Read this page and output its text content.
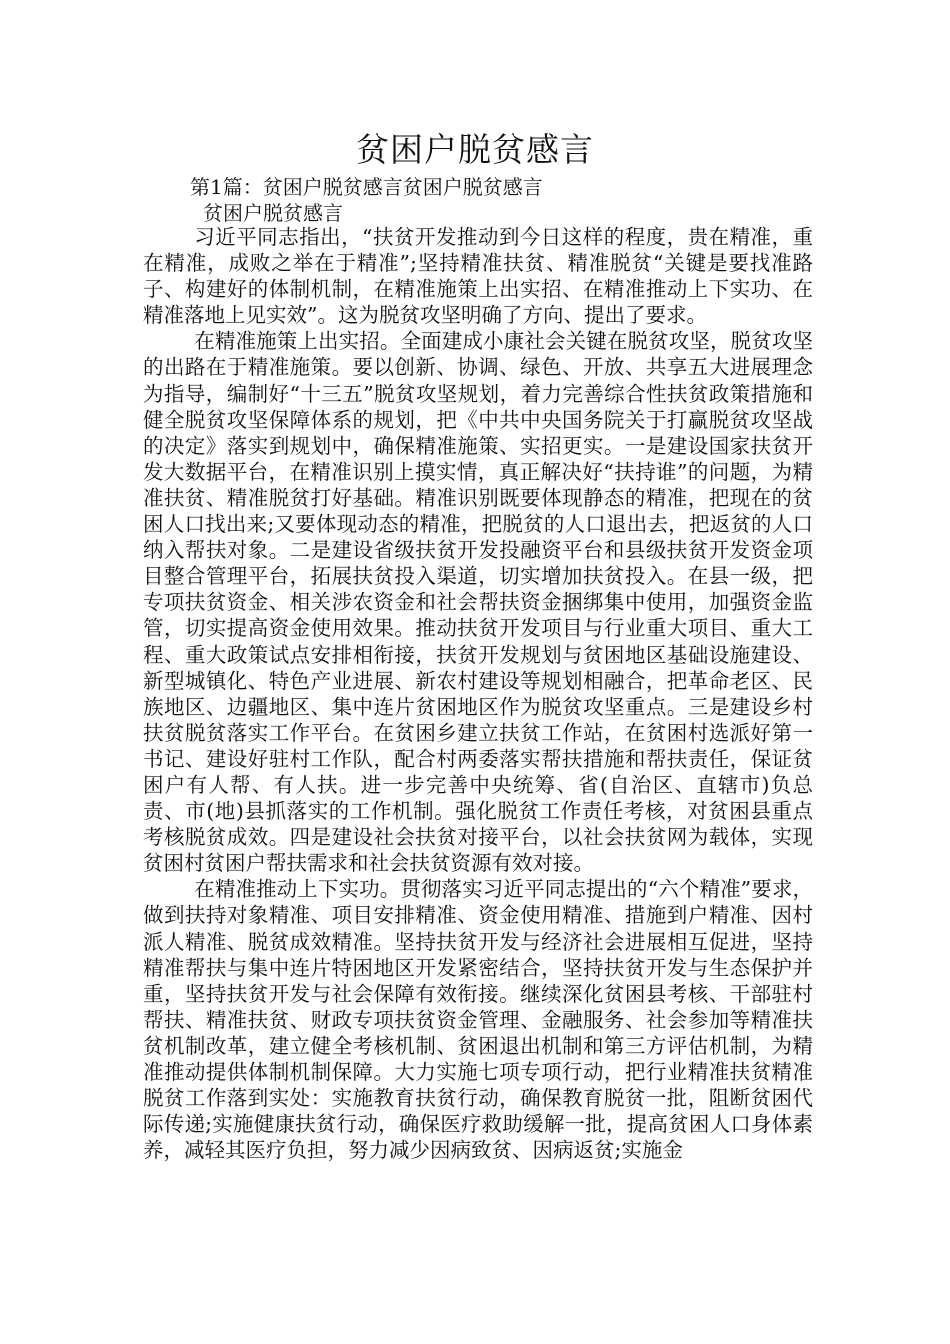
贫困户脱贫感言

第1篇：贫困户脱贫感言贫困户脱贫感言

贫困户脱贫感言

习近平同志指出，“扶贫开发推动到今日这样的程度，贵在精准，重在精准，成败之举在于精准”;坚持精准扶贫、精准脱贫“关键是要找准路子、构建好的体制机制，在精准施策上出实招、在精准推动上下实功、在精准落地上见实效”。这为脱贫攻坚明确了方向、提出了要求。

在精准施策上出实招。全面建成小康社会关键在脱贫攻坚，脱贫攻坚的出路在于精准施策。要以创新、协调、绿色、开放、共享五大进展理念为指导，编制好“十三五”脱贫攻坚规划，着力完善综合性扶贫政策措施和健全脱贫攻坚保障体系的规划，把《中共中央国务院关于打赢脱贫攻坚战的决定》落实到规划中，确保精准施策、实招更实。一是建设国家扶贫开发大数据平台，在精准识别上摸实情，真正解决好“扶持谁”的问题，为精准扶贫、精准脱贫打好基础。精准识别既要体现静态的精准，把现在的贫困人口找出来;又要体现动态的精准，把脱贫的人口退出去，把返贫的人口纳入帮扶对象。二是建设省级扶贫开发投融资平台和县级扶贫开发资金项目整合管理平台，拓展扶贫投入渠道，切实增加扶贫投入。在县一级，把专项扶贫资金、相关涉农资金和社会帮扶资金捆绑集中使用，加强资金监管，切实提高资金使用效果。推动扶贫开发项目与行业重大项目、重大工程、重大政策试点安排相衔接，扶贫开发规划与贫困地区基础设施建设、新型城镇化、特色产业进展、新农村建设等规划相融合，把革命老区、民族地区、边疆地区、集中连片贫困地区作为脱贫攻坚重点。三是建设乡村扶贫脱贫落实工作平台。在贫困乡建立扶贫工作站，在贫困村选派好第一书记、建设好驻村工作队，配合村两委落实帮扶措施和帮扶责任，保证贫困户有人帮、有人扶。进一步完善中央统筹、省(自治区、直辖市)负总责、市(地)县抓落实的工作机制。强化脱贫工作责任考核，对贫困县重点考核脱贫成效。四是建设社会扶贫对接平台，以社会扶贫网为载体，实现贫困村贫困户帮扶需求和社会扶贫资源有效对接。

在精准推动上下实功。贯彻落实习近平同志提出的“六个精准”要求，做到扶持对象精准、项目安排精准、资金使用精准、措施到户精准、因村派人精准、脱贫成效精准。坚持扶贫开发与经济社会进展相互促进，坚持精准帮扶与集中连片特困地区开发紧密结合，坚持扶贫开发与生态保护并重，坚持扶贫开发与社会保障有效衔接。继续深化贫困县考核、干部驻村帮扶、精准扶贫、财政专项扶贫资金管理、金融服务、社会参加等精准扶贫机制改革，建立健全考核机制、贫困退出机制和第三方评估机制，为精准推动提供体制机制保障。大力实施七项专项行动，把行业精准扶贫精准脱贫工作落到实处：实施教育扶贫行动，确保教育脱贫一批，阻断贫困代际传递;实施健康扶贫行动，确保医疗救助缓解一批，提高贫困人口身体素养，减轻其医疗负担，努力减少因病致贫、因病返贫;实施金
